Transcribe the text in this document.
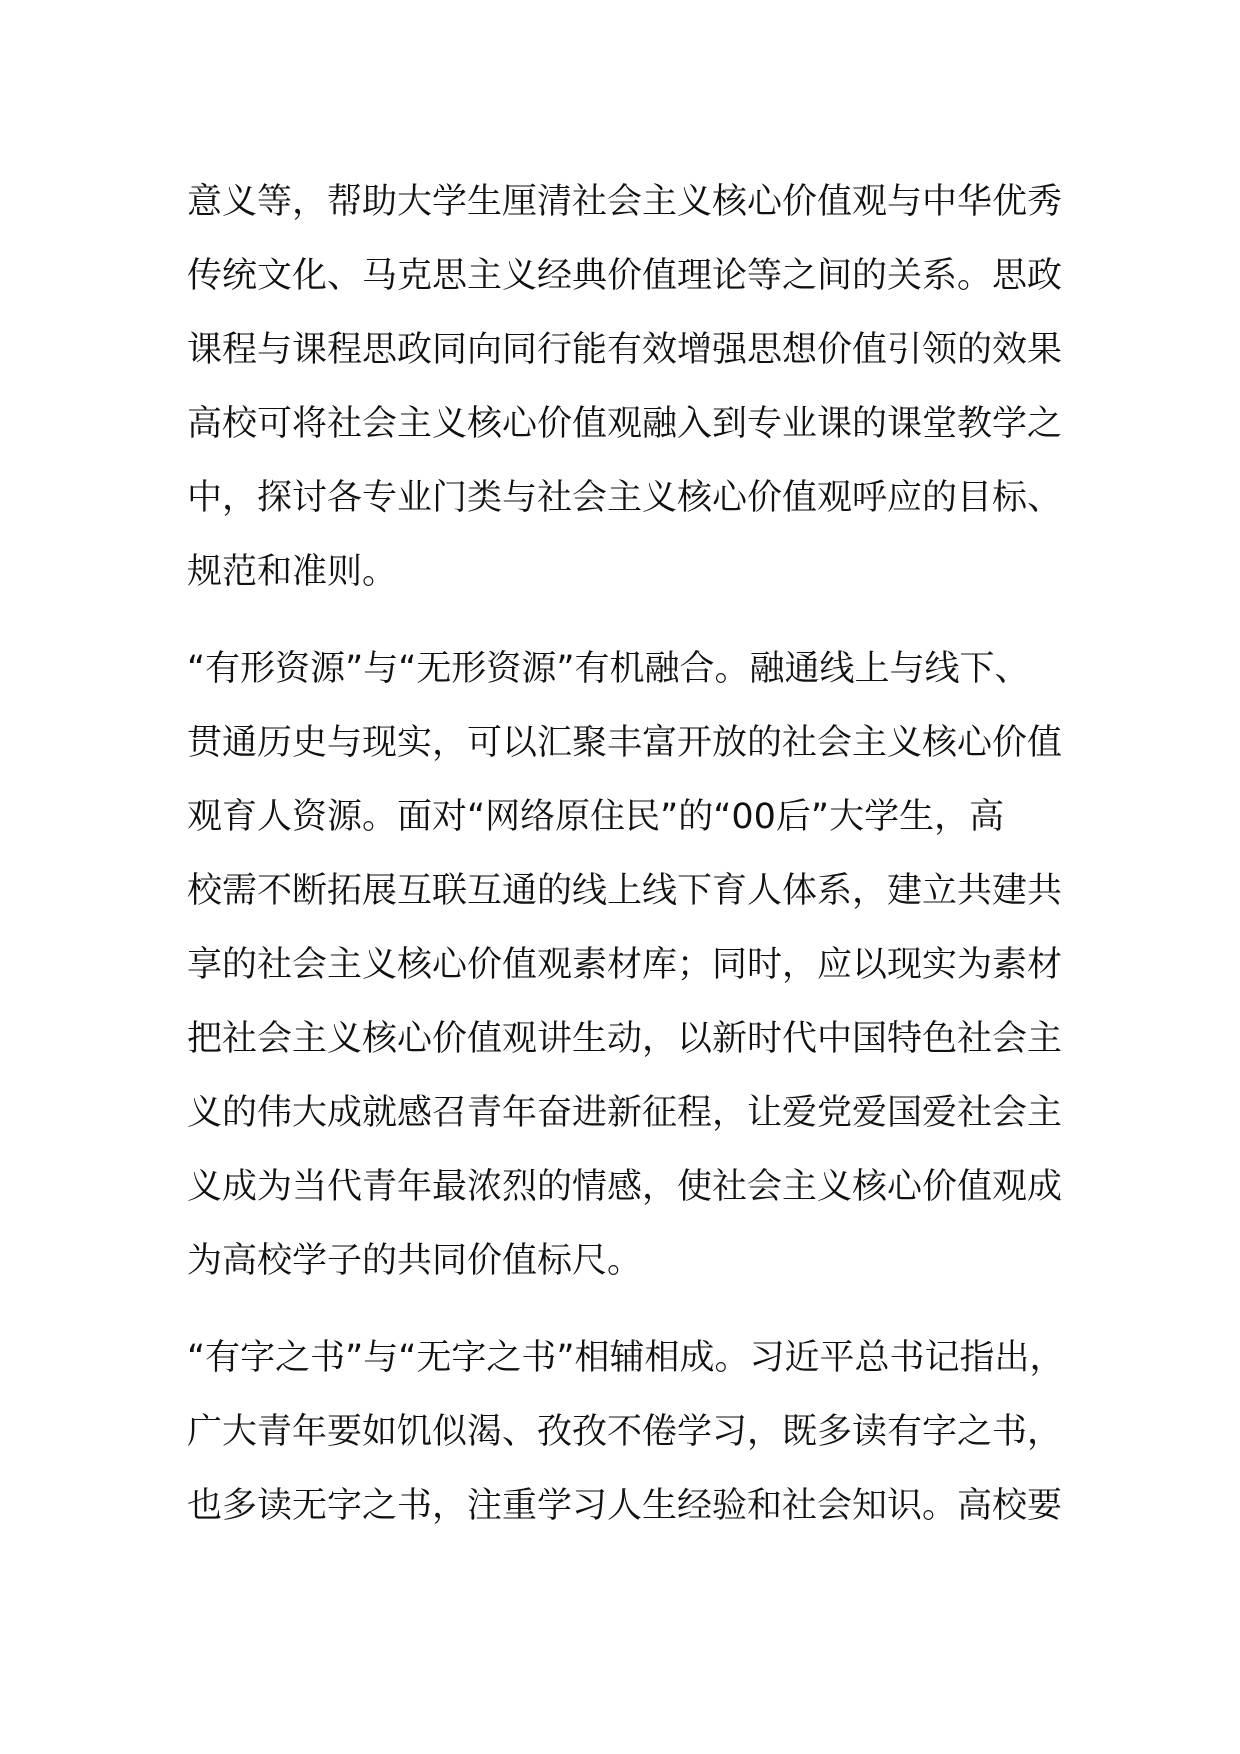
意义等，帮助大学生厘清社会主义核心价值观与中华优秀
传统文化、马克思主义经典价值理论等之间的关系。思政
课程与课程思政同向同行能有效增强思想价值引领的效果
高校可将社会主义核心价值观融入到专业课的课堂教学之
中，探讨各专业门类与社会主义核心价值观呼应的目标、
规范和准则。
“有形资源”与“无形资源”有机融合。融通线上与线下、
贯通历史与现实，可以汇聚丰富开放的社会主义核心价值
观育人资源。面对“网络原住民”的“00后”大学生，高
校需不断拓展互联互通的线上线下育人体系，建立共建共
享的社会主义核心价值观素材库；同时，应以现实为素材
把社会主义核心价值观讲生动，以新时代中国特色社会主
义的伟大成就感召青年奋进新征程，让爱党爱国爱社会主
义成为当代青年最浓烈的情感，使社会主义核心价值观成
为高校学子的共同价值标尺。
“有字之书”与“无字之书”相辅相成。习近平总书记指出，
广大青年要如饥似渴、孜孜不倦学习，既多读有字之书，
也多读无字之书，注重学习人生经验和社会知识。高校要
